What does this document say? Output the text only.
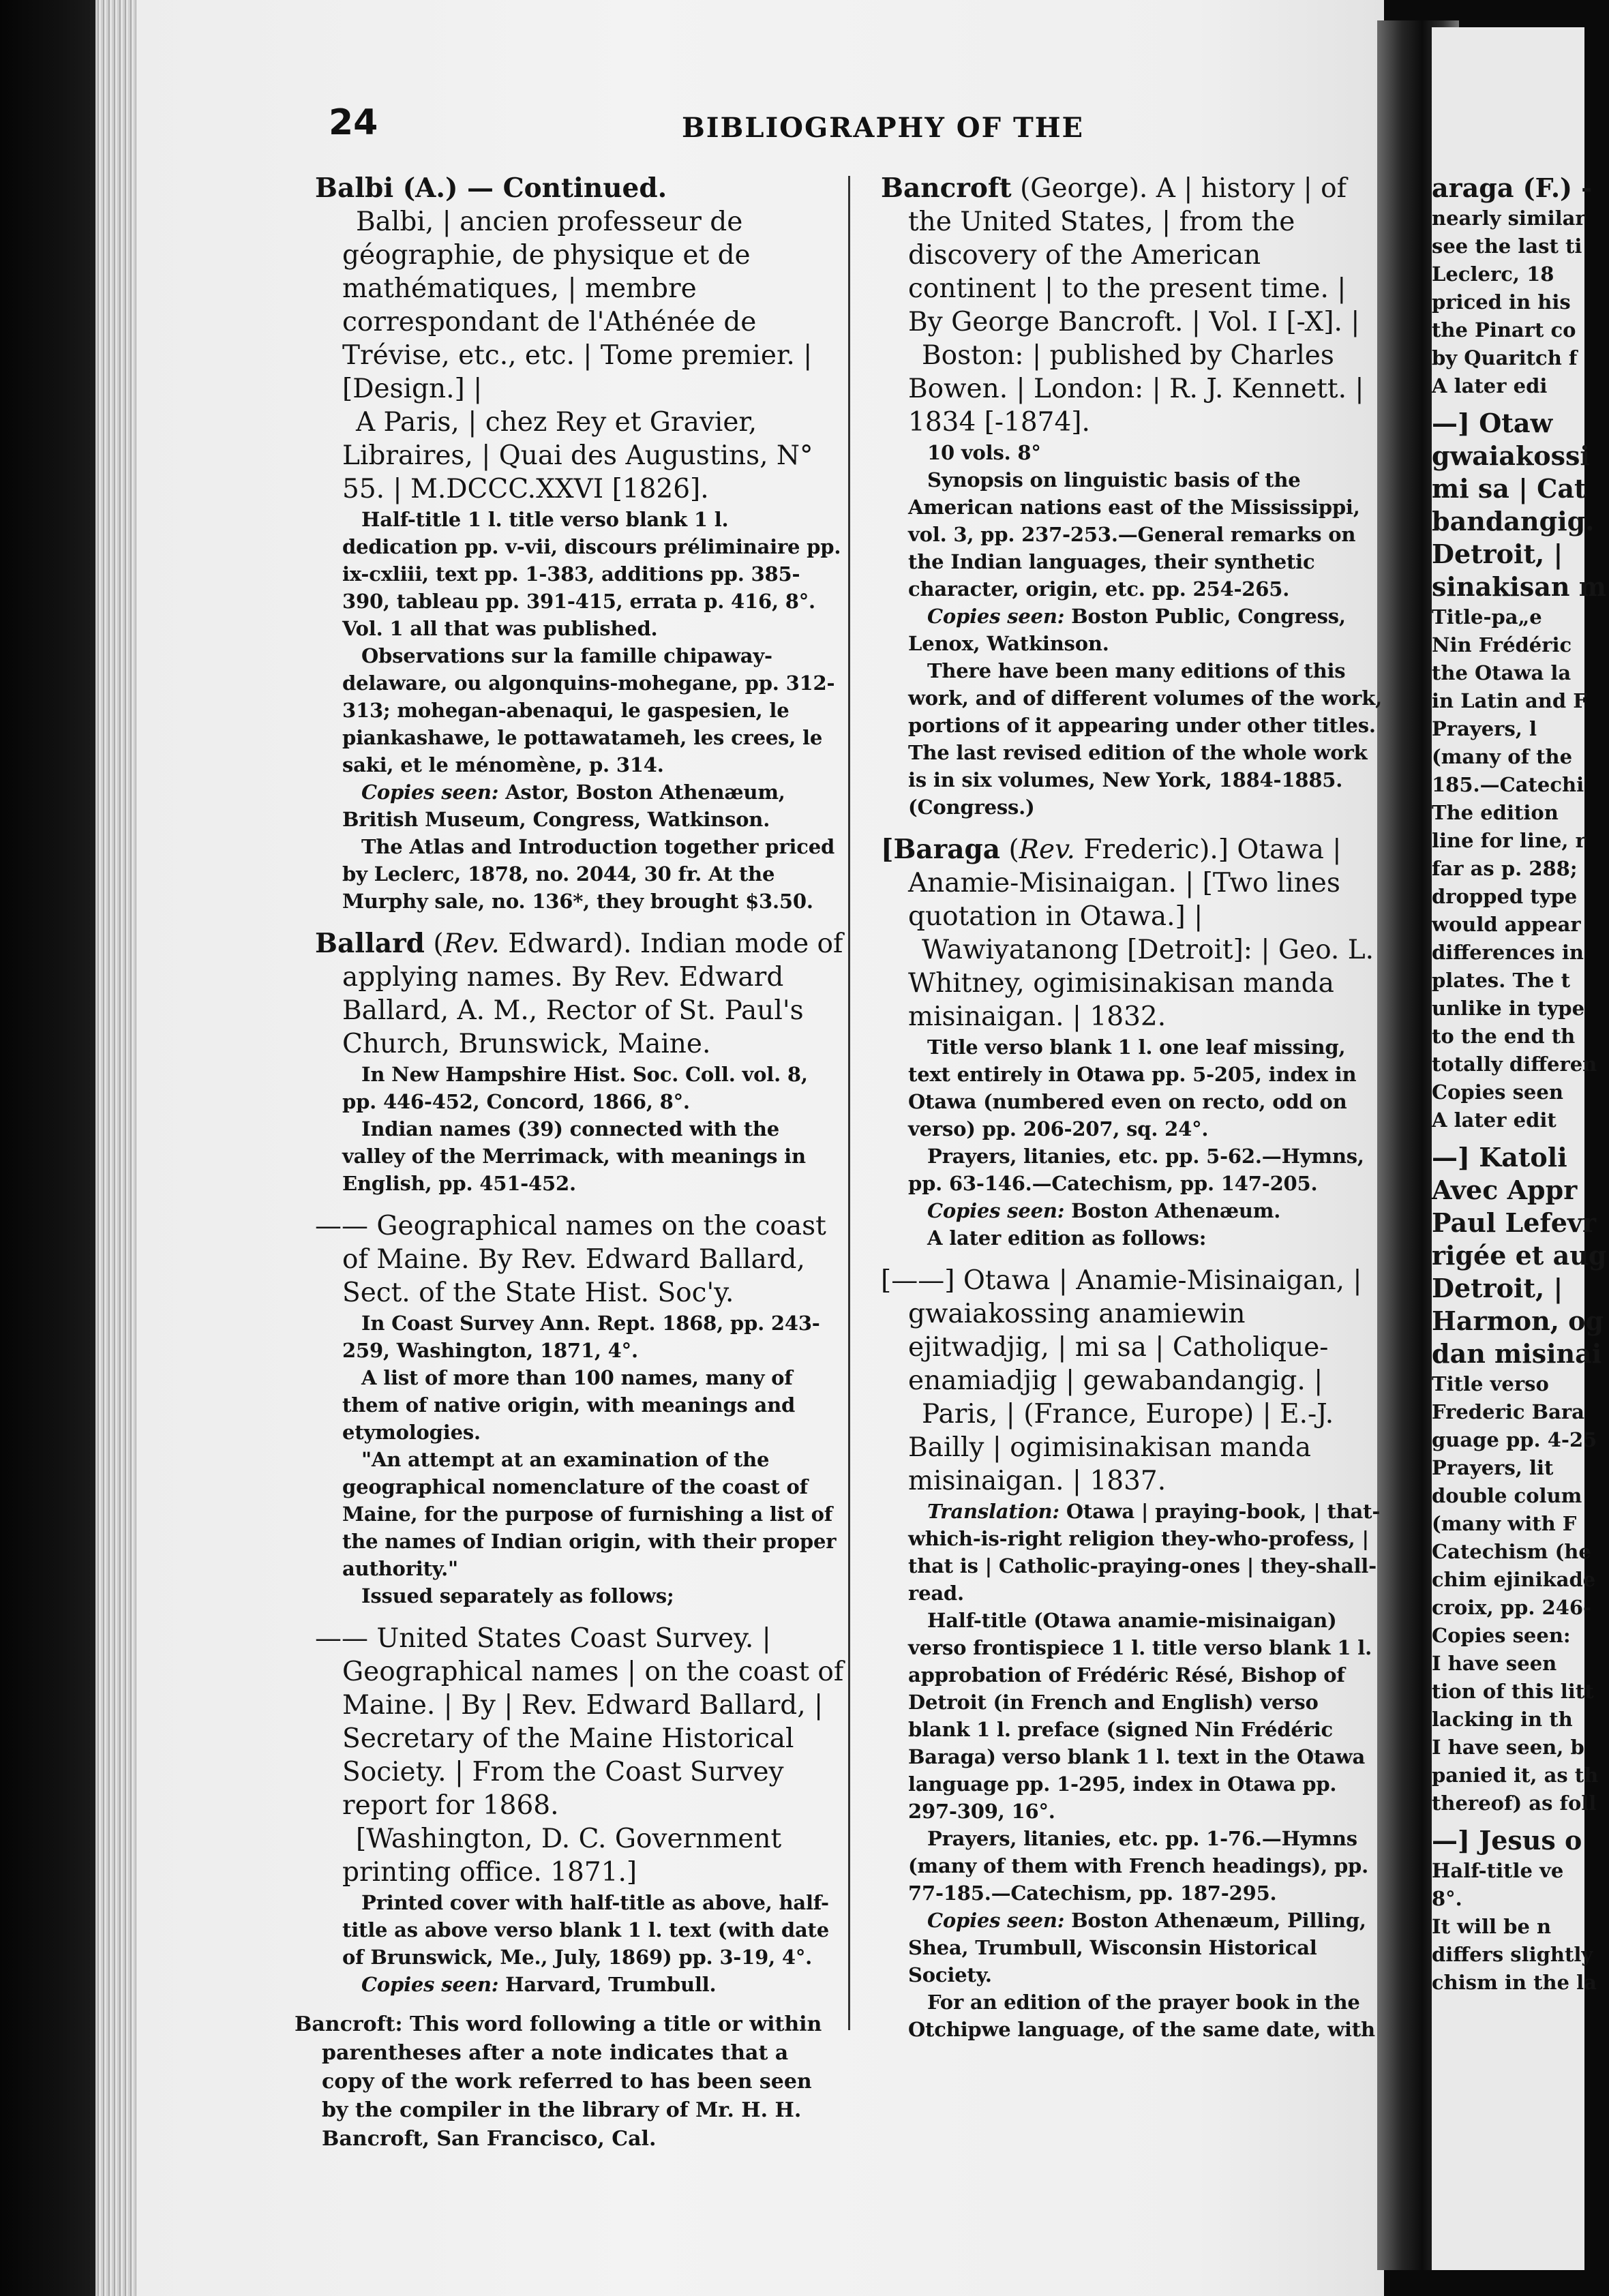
24	BIBLIOGRAPHY OF THE

Balbi (A.) — Continued.

Balbi, | ancien professeur de géographie, de physique et de mathématiques, | membre correspondant de l'Athénée de Trévise, etc., etc. | Tome premier. | [Design.] |

A Paris, | chez Rey et Gravier, Libraires, | Quai des Augustins, N° 55. | M.DCCC.XXVI [1826].

Half-title 1 l. title verso blank 1 l. dedication pp. v-vii, discours préliminaire pp. ix-cxliii, text pp. 1-383, additions pp. 385-390, tableau pp. 391-415, errata p. 416, 8°. Vol. 1 all that was published.

Observations sur la famille chipaway-delaware, ou algonquins-mohegane, pp. 312-313; mohegan-abenaqui, le gaspesien, le piankashawe, le pottawatameh, les crees, le saki, et le ménomène, p. 314.

Copies seen: Astor, Boston Athenæum, British Museum, Congress, Watkinson.

The Atlas and Introduction together priced by Leclerc, 1878, no. 2044, 30 fr. At the Murphy sale, no. 136*, they brought $3.50.

Ballard (Rev. Edward). Indian mode of applying names. By Rev. Edward Ballard, A. M., Rector of St. Paul's Church, Brunswick, Maine.

In New Hampshire Hist. Soc. Coll. vol. 8, pp. 446-452, Concord, 1866, 8°.

Indian names (39) connected with the valley of the Merrimack, with meanings in English, pp. 451-452.

—— Geographical names on the coast of Maine. By Rev. Edward Ballard, Sect. of the State Hist. Soc'y.

In Coast Survey Ann. Rept. 1868, pp. 243-259, Washington, 1871, 4°.

A list of more than 100 names, many of them of native origin, with meanings and etymologies.

"An attempt at an examination of the geographical nomenclature of the coast of Maine, for the purpose of furnishing a list of the names of Indian origin, with their proper authority."

Issued separately as follows;

—— United States Coast Survey. | Geographical names | on the coast of Maine. | By | Rev. Edward Ballard, | Secretary of the Maine Historical Society. | From the Coast Survey report for 1868.

[Washington, D. C. Government printing office. 1871.]

Printed cover with half-title as above, half-title as above verso blank 1 l. text (with date of Brunswick, Me., July, 1869) pp. 3-19, 4°.

Copies seen: Harvard, Trumbull.

Bancroft: This word following a title or within parentheses after a note indicates that a copy of the work referred to has been seen by the compiler in the library of Mr. H. H. Bancroft, San Francisco, Cal.

Bancroft (George). A | history | of the United States, | from the discovery of the American continent | to the present time. | By George Bancroft. | Vol. I [-X]. |

Boston: | published by Charles Bowen. | London: | R. J. Kennett. | 1834 [-1874].

10 vols. 8°

Synopsis on linguistic basis of the American nations east of the Mississippi, vol. 3, pp. 237-253.—General remarks on the Indian languages, their synthetic character, origin, etc. pp. 254-265.

Copies seen: Boston Public, Congress, Lenox, Watkinson.

There have been many editions of this work, and of different volumes of the work, portions of it appearing under other titles. The last revised edition of the whole work is in six volumes, New York, 1884-1885. (Congress.)

[Baraga (Rev. Frederic).] Otawa | Anamie-Misinaigan. | [Two lines quotation in Otawa.] |

Wawiyatanong [Detroit]: | Geo. L. Whitney, ogimisinakisan manda misinaigan. | 1832.

Title verso blank 1 l. one leaf missing, text entirely in Otawa pp. 5-205, index in Otawa (numbered even on recto, odd on verso) pp. 206-207, sq. 24°.

Prayers, litanies, etc. pp. 5-62.—Hymns, pp. 63-146.—Catechism, pp. 147-205.

Copies seen: Boston Athenæum.

A later edition as follows:

[——] Otawa | Anamie-Misinaigan, | gwaiakossing anamiewin ejitwadjig, | mi sa | Catholique-enamiadjig | gewabandangig. |

Paris, | (France, Europe) | E.-J. Bailly | ogimisinakisan manda misinaigan. | 1837.

Translation: Otawa | praying-book, | that-which-is-right religion they-who-profess, | that is | Catholic-praying-ones | they-shall-read.

Half-title (Otawa anamie-misinaigan) verso frontispiece 1 l. title verso blank 1 l. approbation of Frédéric Résé, Bishop of Detroit (in French and English) verso blank 1 l. preface (signed Nin Frédéric Baraga) verso blank 1 l. text in the Otawa language pp. 1-295, index in Otawa pp. 297-309, 16°.

Prayers, litanies, etc. pp. 1-76.—Hymns (many of them with French headings), pp. 77-185.—Catechism, pp. 187-295.

Copies seen: Boston Athenæum, Pilling, Shea, Trumbull, Wisconsin Historical Society.

For an edition of the prayer book in the Otchipwe language, of the same date, with

araga (F.) -
nearly similar
see the last ti
Leclerc, 18
priced in his
the Pinart co
by Quaritch f
A later edi
—] Otaw
gwaiakossi
mi sa | Cat
bandangig.
Detroit, |
sinakisan m
Title-pa„e
Nin Frédéric
the Otawa la
in Latin and F
Prayers, l
(many of the
185.—Catechi
The edition
line for line, r
far as p. 288;
dropped type
would appear
differences in
plates. The t
unlike in type
to the end th
totally differen
Copies seen
A later edit
—] Katoli
Avec Appr
Paul Lefevr
rigée et aug
Detroit, |
Harmon, og
dan misinai
Title verso
Frederic Bara
guage pp. 4-25
Prayers, lit
double colum
(many with F
Catechism (he
chim ejinikade
croix, pp. 246-
Copies seen:
I have seen
tion of this litt
lacking in th
I have seen, b
panied it, as th
thereof) as foll
—] Jesus o
Half-title ve
8°.
It will be n
differs slightly
chism in the la
